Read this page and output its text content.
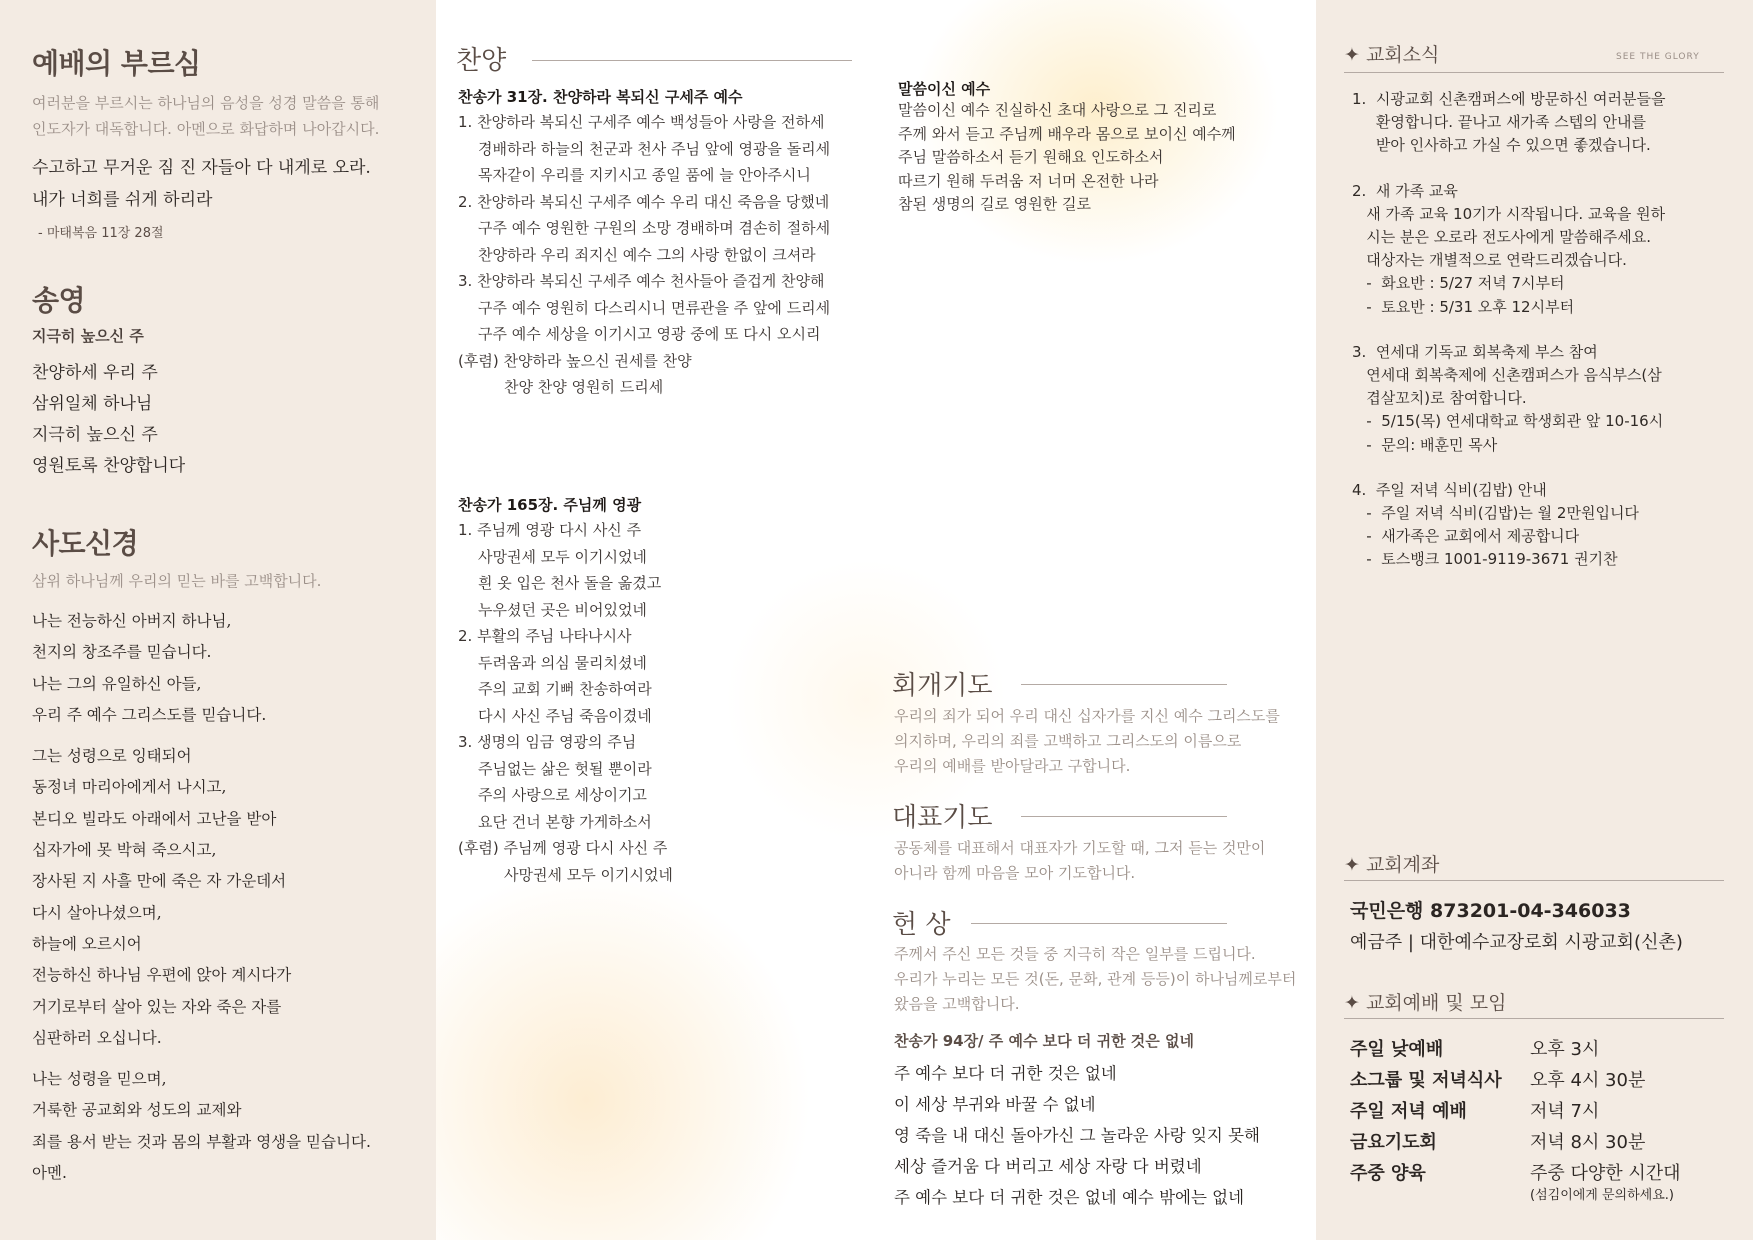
예배의 부르심

여러분을 부르시는 하나님의 음성을 성경 말씀을 통해

인도자가 대독합니다. 아멘으로 화답하며 나아갑시다.

수고하고 무거운 짐 진 자들아 다 내게로 오라.

내가 너희를 쉬게 하리라

- 마태복음 11장 28절

송영

지극히 높으신 주

찬양하세 우리 주

삼위일체 하나님

지극히 높으신 주

영원토록 찬양합니다

사도신경

삼위 하나님께 우리의 믿는 바를 고백합니다.

나는 전능하신 아버지 하나님,

천지의 창조주를 믿습니다.

나는 그의 유일하신 아들,

우리 주 예수 그리스도를 믿습니다.

그는 성령으로 잉태되어

동정녀 마리아에게서 나시고,

본디오 빌라도 아래에서 고난을 받아

십자가에 못 박혀 죽으시고,

장사된 지 사흘 만에 죽은 자 가운데서

다시 살아나셨으며,

하늘에 오르시어

전능하신 하나님 우편에 앉아 계시다가

거기로부터 살아 있는 자와 죽은 자를

심판하러 오십니다.

나는 성령을 믿으며,

거룩한 공교회와 성도의 교제와

죄를 용서 받는 것과 몸의 부활과 영생을 믿습니다.

아멘.

찬양

찬송가 31장. 찬양하라 복되신 구세주 예수

1. 찬양하라 복되신 구세주 예수 백성들아 사랑을 전하세
경배하라 하늘의 천군과 천사 주님 앞에 영광을 돌리세
목자같이 우리를 지키시고 종일 품에 늘 안아주시니
2. 찬양하라 복되신 구세주 예수 우리 대신 죽음을 당했네
구주 예수 영원한 구원의 소망 경배하며 겸손히 절하세
찬양하라 우리 죄지신 예수 그의 사랑 한없이 크셔라
3. 찬양하라 복되신 구세주 예수 천사들아 즐겁게 찬양해
구주 예수 영원히 다스리시니 면류관을 주 앞에 드리세
구주 예수 세상을 이기시고 영광 중에 또 다시 오시리
(후렴) 찬양하라 높으신 권세를 찬양
찬양 찬양 영원히 드리세

찬송가 165장. 주님께 영광

1. 주님께 영광 다시 사신 주
사망권세 모두 이기시었네
흰 옷 입은 천사 돌을 옮겼고
누우셨던 곳은 비어있었네
2. 부활의 주님 나타나시사
두려움과 의심 물리치셨네
주의 교회 기뻐 찬송하여라
다시 사신 주님 죽음이겼네
3. 생명의 임금 영광의 주님
주님없는 삶은 헛될 뿐이라
주의 사랑으로 세상이기고
요단 건너 본향 가게하소서
(후렴) 주님께 영광 다시 사신 주
사망권세 모두 이기시었네

말씀이신 예수

말씀이신 예수 진실하신 초대 사랑으로 그 진리로
주께 와서 듣고 주님께 배우라 몸으로 보이신 예수께
주님 말씀하소서 듣기 원해요 인도하소서
따르기 원해 두려움 저 너머 온전한 나라
참된 생명의 길로 영원한 길로
회개기도
우리의 죄가 되어 우리 대신 십자가를 지신 예수 그리스도를
의지하며, 우리의 죄를 고백하고 그리스도의 이름으로
우리의 예배를 받아달라고 구합니다.
대표기도
공동체를 대표해서 대표자가 기도할 때, 그저 듣는 것만이
아니라 함께 마음을 모아 기도합니다.
헌 상
주께서 주신 모든 것들 중 지극히 작은 일부를 드립니다.
우리가 누리는 모든 것(돈, 문화, 관계 등등)이 하나님께로부터
왔음을 고백합니다.
찬송가 94장/ 주 예수 보다 더 귀한 것은 없네
주 예수 보다 더 귀한 것은 없네
이 세상 부귀와 바꿀 수 없네
영 죽을 내 대신 돌아가신 그 놀라운 사랑 잊지 못해
세상 즐거움 다 버리고 세상 자랑 다 버렸네
주 예수 보다 더 귀한 것은 없네 예수 밖에는 없네
✦ 교회소식	SEE THE GLORY
1.  시광교회 신촌캠퍼스에 방문하신 여러분들을
환영합니다. 끝나고 새가족 스텝의 안내를
받아 인사하고 가실 수 있으면 좋겠습니다.
2.  새 가족 교육
새 가족 교육 10기가 시작됩니다. 교육을 원하
시는 분은 오로라 전도사에게 말씀해주세요.
대상자는 개별적으로 연락드리겠습니다.
-  화요반 : 5/27 저녁 7시부터
-  토요반 : 5/31 오후 12시부터
3.  연세대 기독교 회복축제 부스 참여
연세대 회복축제에 신촌캠퍼스가 음식부스(삼
겹살꼬치)로 참여합니다.
-  5/15(목) 연세대학교 학생회관 앞 10-16시
-  문의: 배훈민 목사
4.  주일 저녁 식비(김밥) 안내
-  주일 저녁 식비(김밥)는 월 2만원입니다
-  새가족은 교회에서 제공합니다
-  토스뱅크 1001-9119-3671 권기찬
✦ 교회계좌
국민은행 873201-04-346033
예금주 | 대한예수교장로회 시광교회(신촌)
✦ 교회예배 및 모임
주일 낮예배	오후 3시
소그룹 및 저녁식사 오후 4시 30분
주일 저녁 예배	저녁 7시
금요기도회	저녁 8시 30분
주중 양육	주중 다양한 시간대
(섬김이에게 문의하세요.)
